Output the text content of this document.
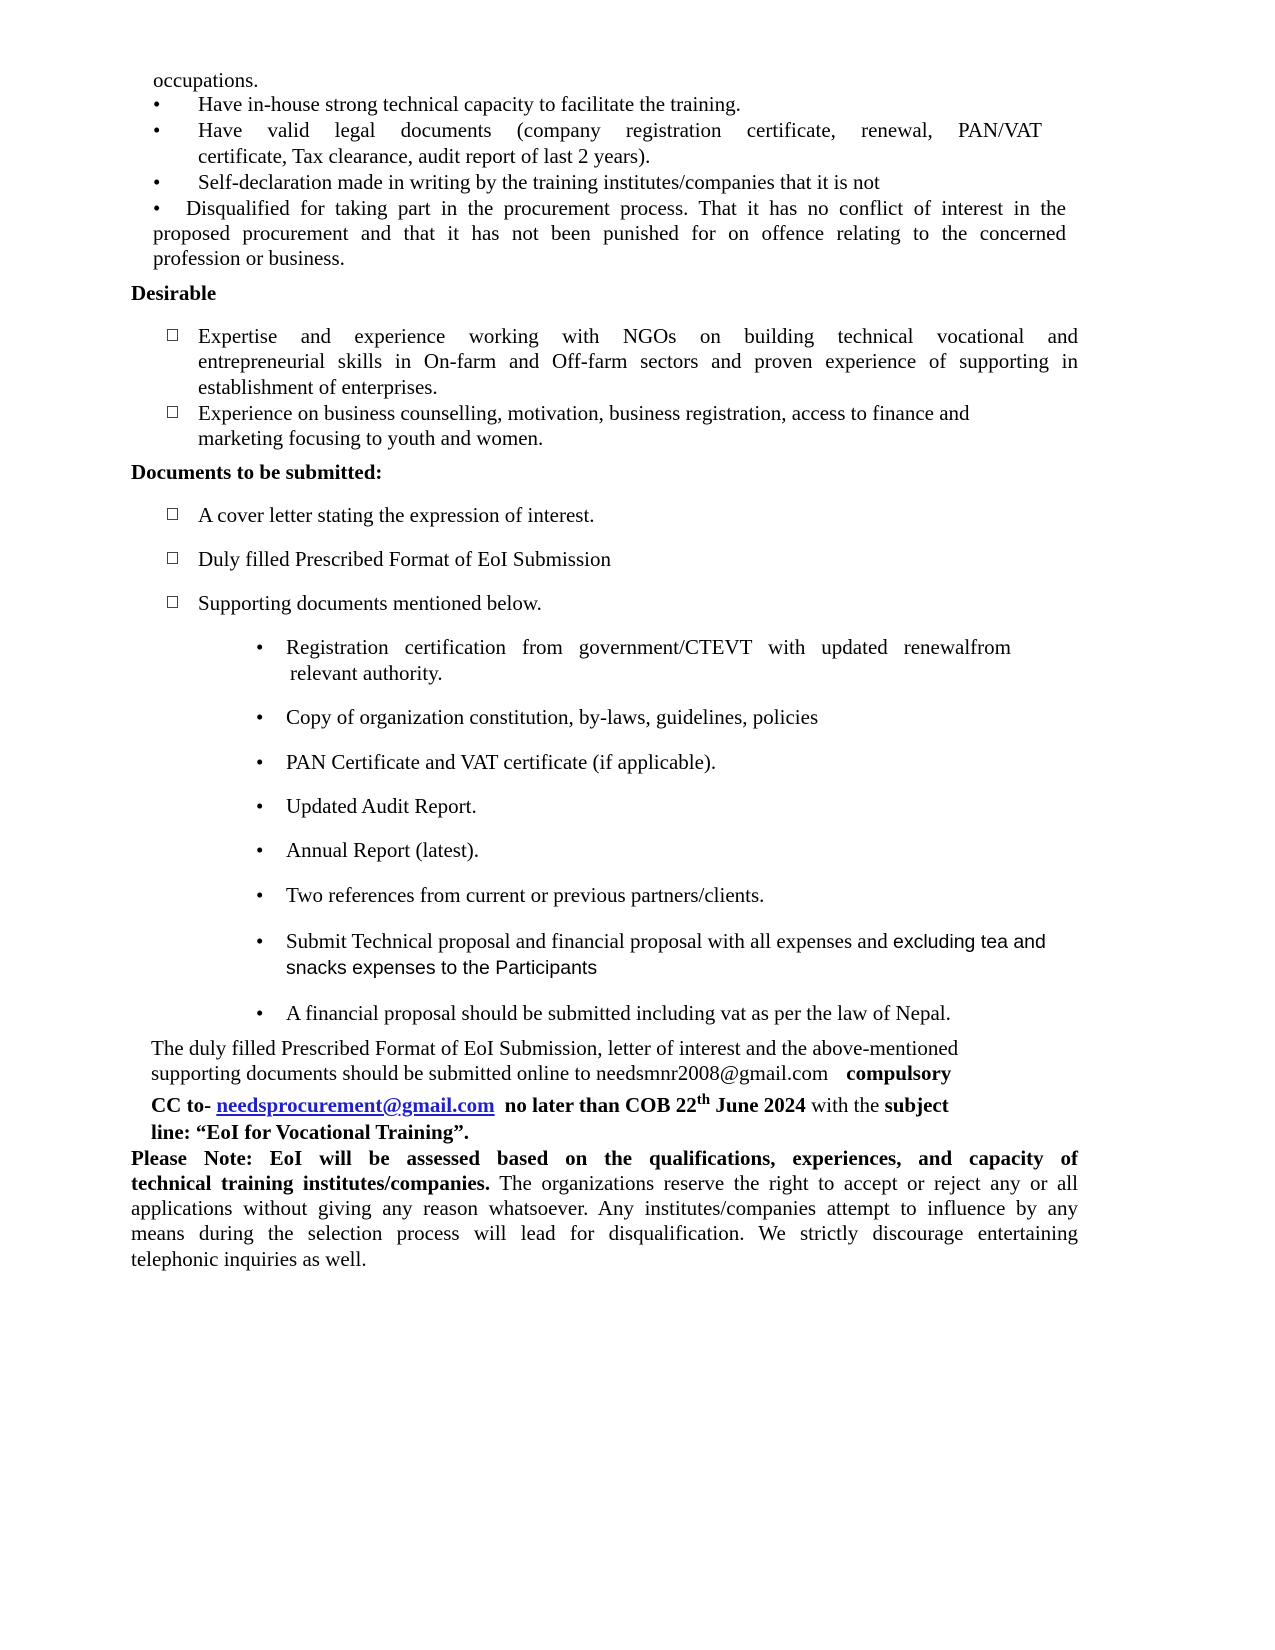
occupations.
• Have in-house strong technical capacity to facilitate the training.
• Have valid legal documents (company registration certificate, renewal, PAN/VAT
certificate, Tax clearance, audit report of last 2 years).
• Self-declaration made in writing by the training institutes/companies that it is not
• Disqualified for taking part in the procurement process. That it has no conflict of interest in the
proposed procurement and that it has not been punished for on offence relating to the concerned
profession or business.
Desirable
Expertise and experience working with NGOs on building technical vocational and
entrepreneurial skills in On-farm and Off-farm sectors and proven experience of supporting in
establishment of enterprises.
Experience on business counselling, motivation, business registration, access to finance and
marketing focusing to youth and women.
Documents to be submitted:
A cover letter stating the expression of interest.
Duly filled Prescribed Format of EoI Submission
Supporting documents mentioned below.
• Registration certification from government/CTEVT with updated renewalfrom
relevant authority.
• Copy of organization constitution, by-laws, guidelines, policies
• PAN Certificate and VAT certificate (if applicable).
• Updated Audit Report.
• Annual Report (latest).
• Two references from current or previous partners/clients.
• Submit Technical proposal and financial proposal with all expenses and excluding tea and
snacks expenses to the Participants
• A financial proposal should be submitted including vat as per the law of Nepal.
The duly filled Prescribed Format of EoI Submission, letter of interest and the above-mentioned
supporting documents should be submitted online to needsmnr2008@gmail.com compulsory
CC to- needsprocurement@gmail.com no later than COB 22th June 2024 with the subject
line: “EoI for Vocational Training”.
Please Note: EoI will be assessed based on the qualifications, experiences, and capacity of
technical training institutes/companies. The organizations reserve the right to accept or reject any or all
applications without giving any reason whatsoever. Any institutes/companies attempt to influence by any
means during the selection process will lead for disqualification. We strictly discourage entertaining
telephonic inquiries as well.
